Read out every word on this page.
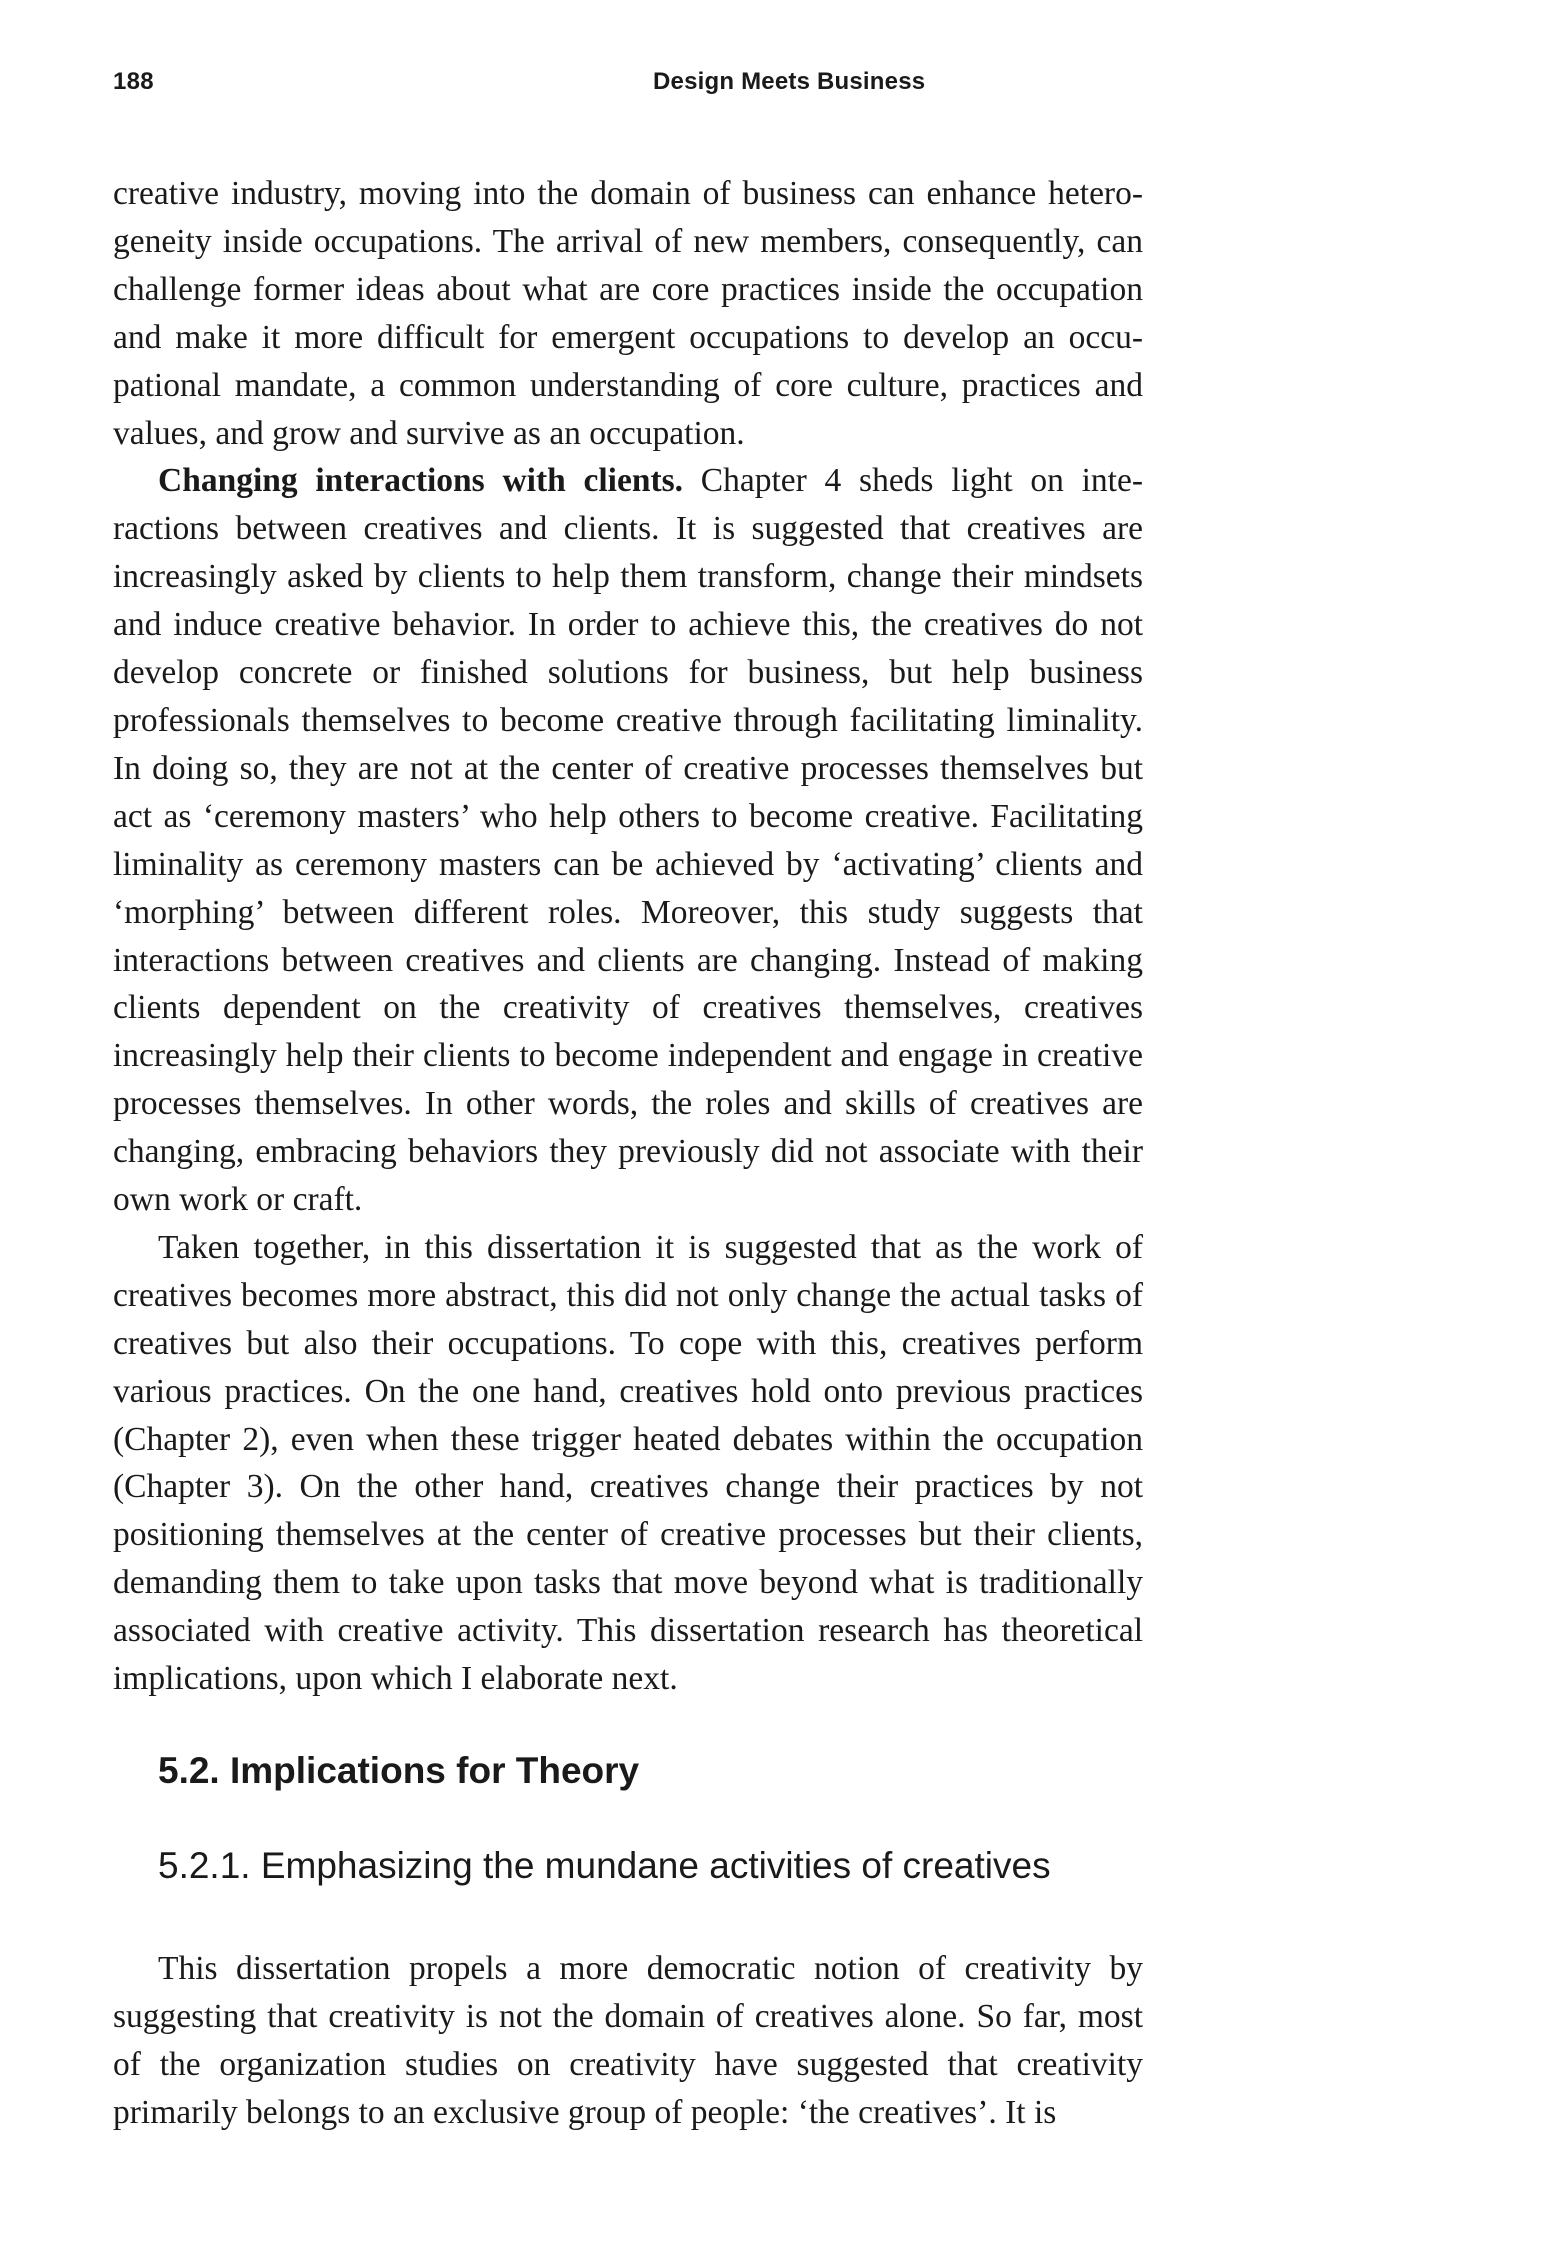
188	Design Meets Business

creative industry, moving into the domain of business can enhance heterogeneity inside occupations. The arrival of new members, consequently, can challenge former ideas about what are core practices inside the occupation and make it more difficult for emergent occupations to develop an occupational mandate, a common understanding of core culture, practices and values, and grow and survive as an occupation.

Changing interactions with clients. Chapter 4 sheds light on interactions between creatives and clients. It is suggested that creatives are increasingly asked by clients to help them transform, change their mindsets and induce creative behavior. In order to achieve this, the creatives do not develop concrete or finished solutions for business, but help business professionals themselves to become creative through facilitating liminality. In doing so, they are not at the center of creative processes themselves but act as ‘ceremony masters’ who help others to become creative. Facilitating liminality as ceremony masters can be achieved by ‘activating’ clients and ‘morphing’ between different roles. Moreover, this study suggests that interactions between creatives and clients are changing. Instead of making clients dependent on the creativity of creatives themselves, creatives increasingly help their clients to become independent and engage in creative processes themselves. In other words, the roles and skills of creatives are changing, embracing behaviors they previously did not associate with their own work or craft.

Taken together, in this dissertation it is suggested that as the work of creatives becomes more abstract, this did not only change the actual tasks of creatives but also their occupations. To cope with this, creatives perform various practices. On the one hand, creatives hold onto previous practices (Chapter 2), even when these trigger heated debates within the occupation (Chapter 3). On the other hand, creatives change their practices by not positioning themselves at the center of creative processes but their clients, demanding them to take upon tasks that move beyond what is traditionally associated with creative activity. This dissertation research has theoretical implications, upon which I elaborate next.

5.2. Implications for Theory
5.2.1. Emphasizing the mundane activities of creatives

This dissertation propels a more democratic notion of creativity by suggesting that creativity is not the domain of creatives alone. So far, most of the organization studies on creativity have suggested that creativity primarily belongs to an exclusive group of people: ‘the creatives’. It is
